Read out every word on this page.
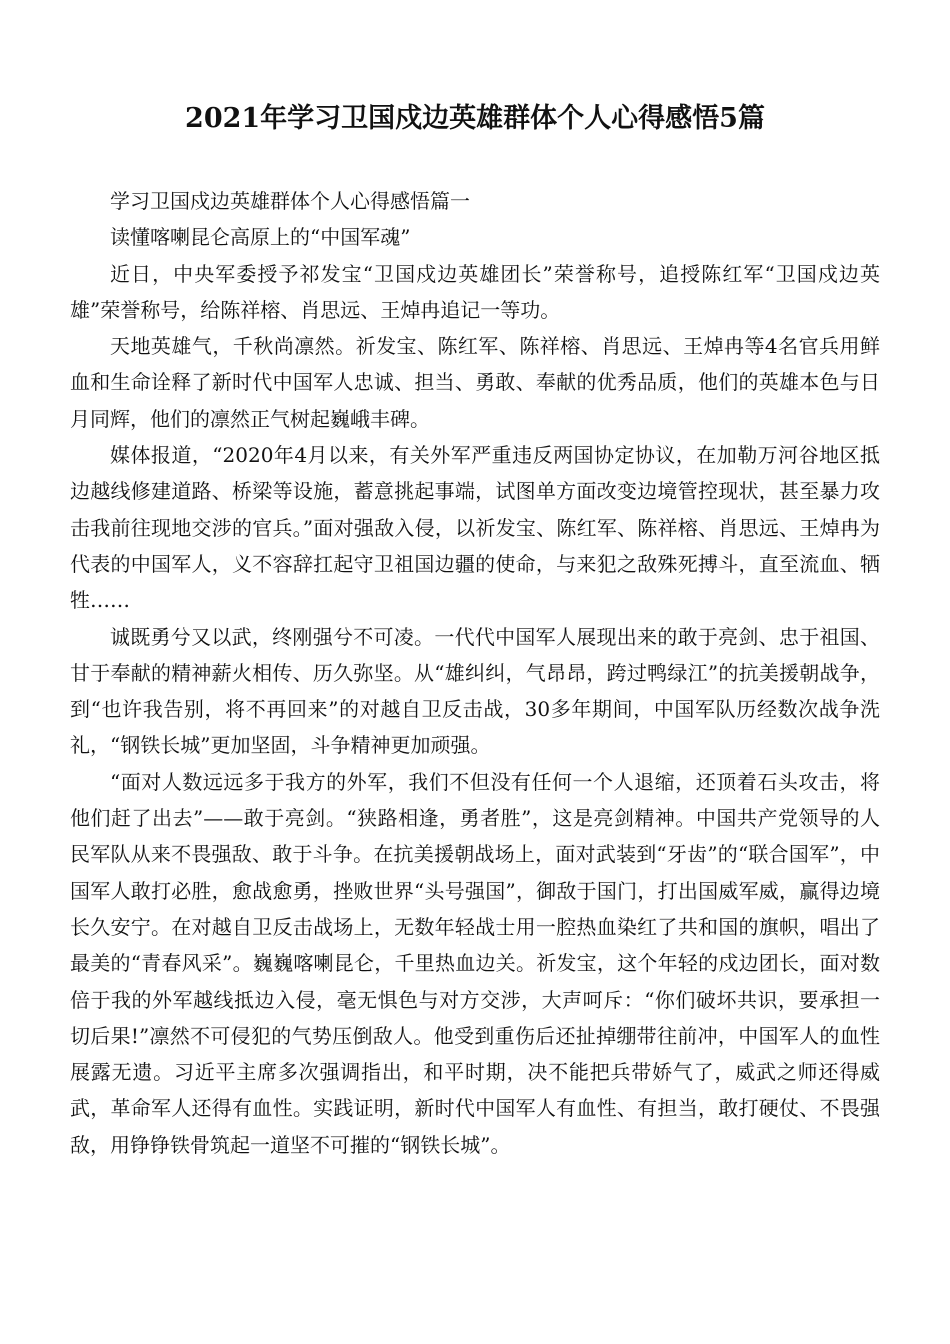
2021年学习卫国戍边英雄群体个人心得感悟5篇

学习卫国戍边英雄群体个人心得感悟篇一

读懂喀喇昆仑高原上的“中国军魂”

近日，中央军委授予祁发宝“卫国戍边英雄团长”荣誉称号，追授陈红军“卫国戍边英雄”荣誉称号，给陈祥榕、肖思远、王焯冉追记一等功。

天地英雄气，千秋尚凛然。祈发宝、陈红军、陈祥榕、肖思远、王焯冉等4名官兵用鲜血和生命诠释了新时代中国军人忠诚、担当、勇敢、奉献的优秀品质，他们的英雄本色与日月同辉，他们的凛然正气树起巍峨丰碑。

媒体报道，“2020年4月以来，有关外军严重违反两国协定协议，在加勒万河谷地区抵边越线修建道路、桥梁等设施，蓄意挑起事端，试图单方面改变边境管控现状，甚至暴力攻击我前往现地交涉的官兵。”面对强敌入侵，以祈发宝、陈红军、陈祥榕、肖思远、王焯冉为代表的中国军人，义不容辞扛起守卫祖国边疆的使命，与来犯之敌殊死搏斗，直至流血、牺牲……

诚既勇兮又以武，终刚强兮不可凌。一代代中国军人展现出来的敢于亮剑、忠于祖国、甘于奉献的精神薪火相传、历久弥坚。从“雄纠纠，气昂昂，跨过鸭绿江”的抗美援朝战争，到“也许我告别，将不再回来”的对越自卫反击战，30多年期间，中国军队历经数次战争洗礼，“钢铁长城”更加坚固，斗争精神更加顽强。

“面对人数远远多于我方的外军，我们不但没有任何一个人退缩，还顶着石头攻击，将他们赶了出去”——敢于亮剑。“狭路相逢，勇者胜”，这是亮剑精神。中国共产党领导的人民军队从来不畏强敌、敢于斗争。在抗美援朝战场上，面对武装到“牙齿”的“联合国军”，中国军人敢打必胜，愈战愈勇，挫败世界“头号强国”，御敌于国门，打出国威军威，赢得边境长久安宁。在对越自卫反击战场上，无数年轻战士用一腔热血染红了共和国的旗帜，唱出了最美的“青春风采”。巍巍喀喇昆仑，千里热血边关。祈发宝，这个年轻的戍边团长，面对数倍于我的外军越线抵边入侵，毫无惧色与对方交涉，大声呵斥：“你们破坏共识，要承担一切后果!”凛然不可侵犯的气势压倒敌人。他受到重伤后还扯掉绷带往前冲，中国军人的血性展露无遗。习近平主席多次强调指出，和平时期，决不能把兵带娇气了，威武之师还得威武，革命军人还得有血性。实践证明，新时代中国军人有血性、有担当，敢打硬仗、不畏强敌，用铮铮铁骨筑起一道坚不可摧的“钢铁长城”。
